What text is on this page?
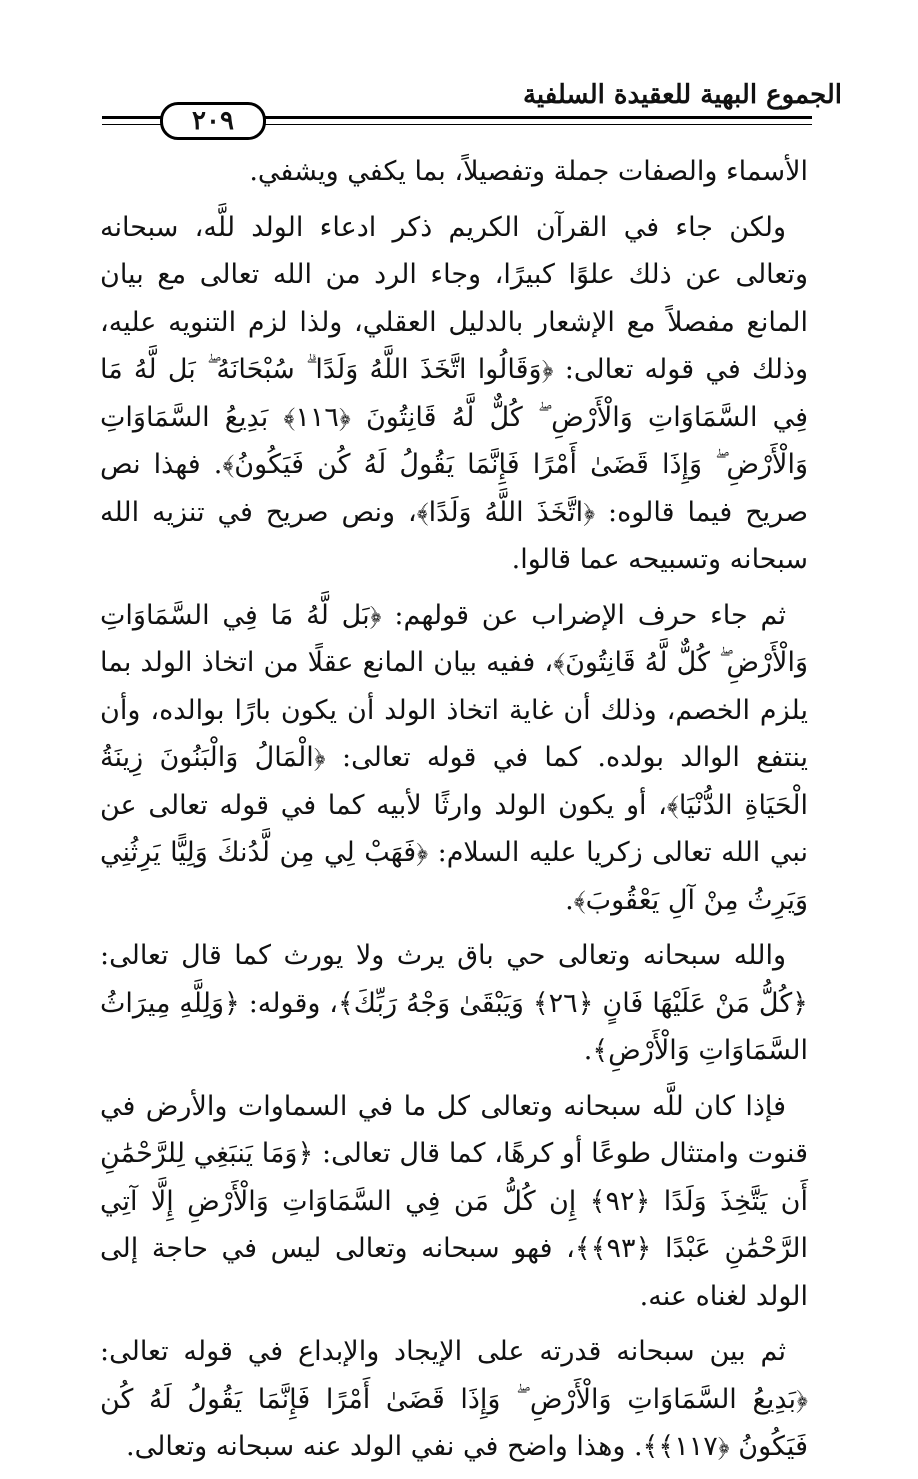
الجموع البهية للعقيدة السلفية
٢٠٩

الأسماء والصفات جملة وتفصيلاً، بما يكفي ويشفي.

ولكن جاء في القرآن الكريم ذكر ادعاء الولد للَّه، سبحانه وتعالى عن ذلك علوًا كبيرًا، وجاء الرد من الله تعالى مع بيان المانع مفصلاً مع الإشعار بالدليل العقلي، ولذا لزم التنويه عليه، وذلك في قوله تعالى: ﴿وَقَالُوا اتَّخَذَ اللَّهُ وَلَدًا ۗ سُبْحَانَهُ ۖ بَل لَّهُ مَا فِي السَّمَاوَاتِ وَالْأَرْضِ ۖ كُلٌّ لَّهُ قَانِتُونَ ﴿١١٦﴾ بَدِيعُ السَّمَاوَاتِ وَالْأَرْضِ ۖ وَإِذَا قَضَىٰ أَمْرًا فَإِنَّمَا يَقُولُ لَهُ كُن فَيَكُونُ﴾. فهذا نص صريح فيما قالوه: ﴿اتَّخَذَ اللَّهُ وَلَدًا﴾، ونص صريح في تنزيه الله سبحانه وتسبيحه عما قالوا.

ثم جاء حرف الإضراب عن قولهم: ﴿بَل لَّهُ مَا فِي السَّمَاوَاتِ وَالْأَرْضِ ۖ كُلٌّ لَّهُ قَانِتُونَ﴾، ففيه بيان المانع عقلًا من اتخاذ الولد بما يلزم الخصم، وذلك أن غاية اتخاذ الولد أن يكون بارًا بوالده، وأن ينتفع الوالد بولده. كما في قوله تعالى: ﴿الْمَالُ وَالْبَنُونَ زِينَةُ الْحَيَاةِ الدُّنْيَا﴾، أو يكون الولد وارثًا لأبيه كما في قوله تعالى عن نبي الله تعالى زكريا عليه السلام: ﴿فَهَبْ لِي مِن لَّدُنكَ وَلِيًّا يَرِثُنِي وَيَرِثُ مِنْ آلِ يَعْقُوبَ﴾.

والله سبحانه وتعالى حي باق يرث ولا يورث كما قال تعالى: ﴿كُلُّ مَنْ عَلَيْهَا فَانٍ ﴿٢٦﴾ وَيَبْقَىٰ وَجْهُ رَبِّكَ﴾، وقوله: ﴿وَلِلَّهِ مِيرَاثُ السَّمَاوَاتِ وَالْأَرْضِ﴾.

فإذا كان للَّه سبحانه وتعالى كل ما في السماوات والأرض في قنوت وامتثال طوعًا أو كرهًا، كما قال تعالى: ﴿وَمَا يَنبَغِي لِلرَّحْمَٰنِ أَن يَتَّخِذَ وَلَدًا ﴿٩٢﴾ إِن كُلُّ مَن فِي السَّمَاوَاتِ وَالْأَرْضِ إِلَّا آتِي الرَّحْمَٰنِ عَبْدًا ﴿٩٣﴾﴾، فهو سبحانه وتعالى ليس في حاجة إلى الولد لغناه عنه.

ثم بين سبحانه قدرته على الإيجاد والإبداع في قوله تعالى: ﴿بَدِيعُ السَّمَاوَاتِ وَالْأَرْضِ ۖ وَإِذَا قَضَىٰ أَمْرًا فَإِنَّمَا يَقُولُ لَهُ كُن فَيَكُونُ ﴿١١٧﴾﴾. وهذا واضح في نفي الولد عنه سبحانه وتعالى.
